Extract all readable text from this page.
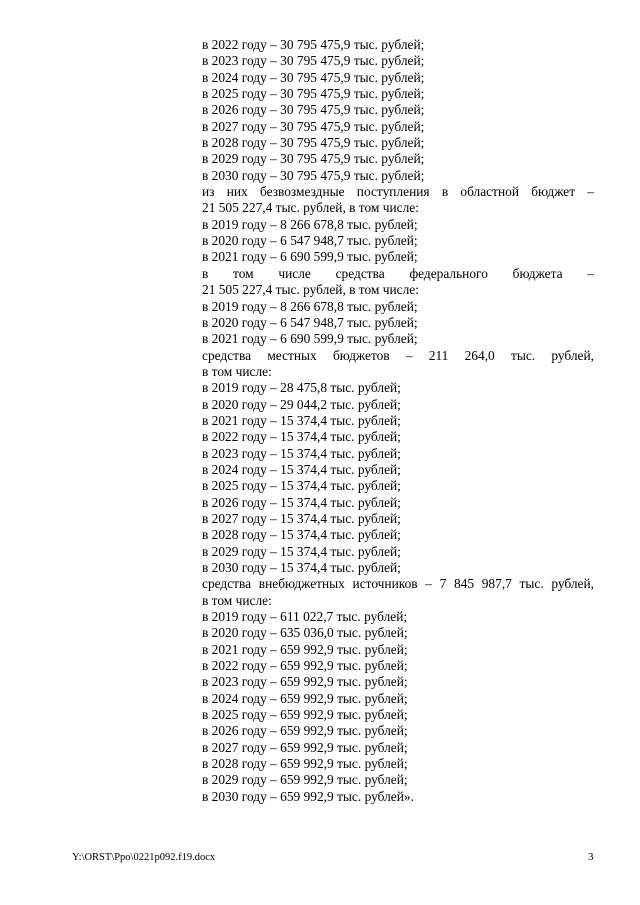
в 2022 году – 30 795 475,9 тыс. рублей;
в 2023 году – 30 795 475,9 тыс. рублей;
в 2024 году – 30 795 475,9 тыс. рублей;
в 2025 году – 30 795 475,9 тыс. рублей;
в 2026 году – 30 795 475,9 тыс. рублей;
в 2027 году – 30 795 475,9 тыс. рублей;
в 2028 году – 30 795 475,9 тыс. рублей;
в 2029 году – 30 795 475,9 тыс. рублей;
в 2030 году – 30 795 475,9 тыс. рублей;
из них безвозмездные поступления в областной бюджет –
21 505 227,4 тыс. рублей, в том числе:
в 2019 году – 8 266 678,8 тыс. рублей;
в 2020 году – 6 547 948,7 тыс. рублей;
в 2021 году – 6 690 599,9 тыс. рублей;
в том числе средства федерального бюджета –
21 505 227,4 тыс. рублей, в том числе:
в 2019 году – 8 266 678,8 тыс. рублей;
в 2020 году – 6 547 948,7 тыс. рублей;
в 2021 году – 6 690 599,9 тыс. рублей;
средства местных бюджетов – 211 264,0 тыс. рублей,
в том числе:
в 2019 году – 28 475,8 тыс. рублей;
в 2020 году – 29 044,2 тыс. рублей;
в 2021 году – 15 374,4 тыс. рублей;
в 2022 году – 15 374,4 тыс. рублей;
в 2023 году – 15 374,4 тыс. рублей;
в 2024 году – 15 374,4 тыс. рублей;
в 2025 году – 15 374,4 тыс. рублей;
в 2026 году – 15 374,4 тыс. рублей;
в 2027 году – 15 374,4 тыс. рублей;
в 2028 году – 15 374,4 тыс. рублей;
в 2029 году – 15 374,4 тыс. рублей;
в 2030 году – 15 374,4 тыс. рублей;
средства внебюджетных источников – 7 845 987,7 тыс. рублей,
в том числе:
в 2019 году – 611 022,7 тыс. рублей;
в 2020 году – 635 036,0 тыс. рублей;
в 2021 году – 659 992,9 тыс. рублей;
в 2022 году – 659 992,9 тыс. рублей;
в 2023 году – 659 992,9 тыс. рублей;
в 2024 году – 659 992,9 тыс. рублей;
в 2025 году – 659 992,9 тыс. рублей;
в 2026 году – 659 992,9 тыс. рублей;
в 2027 году – 659 992,9 тыс. рублей;
в 2028 году – 659 992,9 тыс. рублей;
в 2029 году – 659 992,9 тыс. рублей;
в 2030 году – 659 992,9 тыс. рублей».
Y:\ORST\Ppo\0221p092.f19.docx	3
